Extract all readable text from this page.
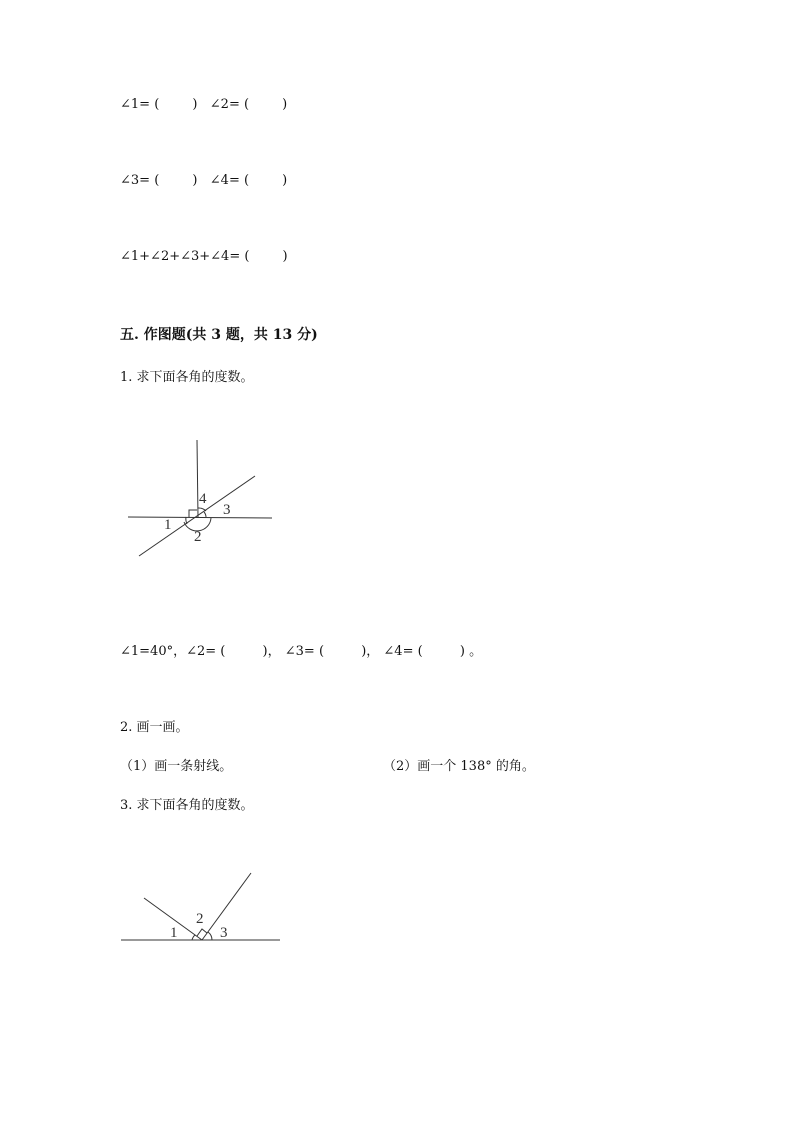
∠1= (        )   ∠2= (        )
∠3= (        )   ∠4= (        )
∠1+∠2+∠3+∠4= (        )
五. 作图题(共 3 题，共 13 分)
1. 求下面各角的度数。
1
2
3
4
∠1=40°，∠2= (         )， ∠3= (         )， ∠4= (         ) 。
2. 画一画。
（1）画一条射线。	（2）画一个 138° 的角。
3. 求下面各角的度数。
1
2
3
